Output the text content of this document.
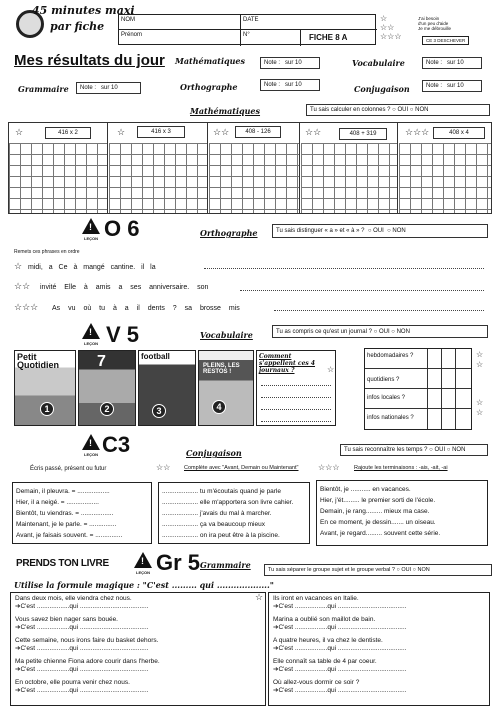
45 minutes maxi
par fiche	NOM	DATE
Prénom	N°	FICHE 8 A
☆
☆☆
☆☆☆
J'ai besoin
d'un peu d'aide
Je me débrouille
CE 3 DESCHEVER
Mes résultats du jour Mathématiques	Note :
sur 10	Vocabulaire	Note :
sur 10
Grammaire Note :
sur 10	Orthographe	Note :
sur 10	Conjugaison	Note :
sur 10
Mathématiques	Tu sais calculer en colonnes ? ○ OUI ○ NON
☆	416 x 2	☆	416 x 3	☆☆	408 - 126	☆☆	408 + 319	☆☆☆	408 x 4
!
LEÇON O 6	Orthographe	Tu sais distinguer « a » et « à » ? ○ OUI ○ NON
Remets ces phrases en ordre
☆ midi, a Ce à mangé cantine. il la
☆☆ invité Elle à amis a ses anniversaire. son
☆☆☆ As vu où tu à a il dents ? sa brosse mis
!
LEÇON V 5	Vocabulaire	Tu as compris ce qu'est un journal ? ○ OUI ○ NON
Petit Quotidien
1
7
2
football
3
PLEINS, LES RESTOS !
4
Comment s'appellent ces 4 journaux ?	☆
hebdomadaires ?
quotidiens ?
infos locales ?
infos nationales ?
☆
☆
☆
☆
!
LEÇON C3	Conjugaison	Tu sais reconnaître les temps ? ○ OUI ○ NON
Écris passé, présent ou futur	☆☆ Complète avec "Avant, Demain ou Maintenant" ☆☆☆	Rajoute les terminaisons : -ais, -ait, -ai
Demain, il pleuvra. = ..................
Hier, il a neigé. = ..................
Bientôt, tu viendras. = ..................
Maintenant, je le parle. = ...............
Avant, je faisais souvent. = ...............
.................... tu m'écoutais quand je parle
.................... elle m'apportera son livre cahier.
.................... j'avais du mal à marcher.
.................... ça va beaucoup mieux
.................... on ira peut être à la piscine.
Bientôt, je ........... en vacances.
Hier, j'ét......... le premier sorti de l'école.
Demain, je rang......... mieux ma case.
En ce moment, je dessin....... un oiseau.
Avant, je regard......... souvent cette série.
PRENDS TON LIVRE
!
LEÇON Gr 5 Grammaire	Tu sais séparer le groupe sujet et le groupe verbal ? ○ OUI ○ NON
Utilise la formule magique : "C'est ......... qui ..................."
☆
Dans deux mois, elle viendra chez nous.
➔ C'est ..................qui ......................................
Vous savez bien nager sans bouée.
➔ C'est ..................qui ......................................
Cette semaine, nous irons faire du basket dehors.
➔ C'est ..................qui ......................................
Ma petite chienne Fiona adore courir dans l'herbe.
➔ C'est ..................qui ......................................
En octobre, elle pourra venir chez nous.
➔ C'est ..................qui ......................................
Ils iront en vacances en Italie.
➔ C'est ..................qui ......................................
Marina a oublié son maillot de bain.
➔ C'est ..................qui ......................................
A quatre heures, il va chez le dentiste.
➔ C'est ..................qui ......................................
Elle connaît sa table de 4 par coeur.
➔ C'est ..................qui ......................................
Où allez-vous dormir ce soir ?
➔ C'est ..................qui ......................................
